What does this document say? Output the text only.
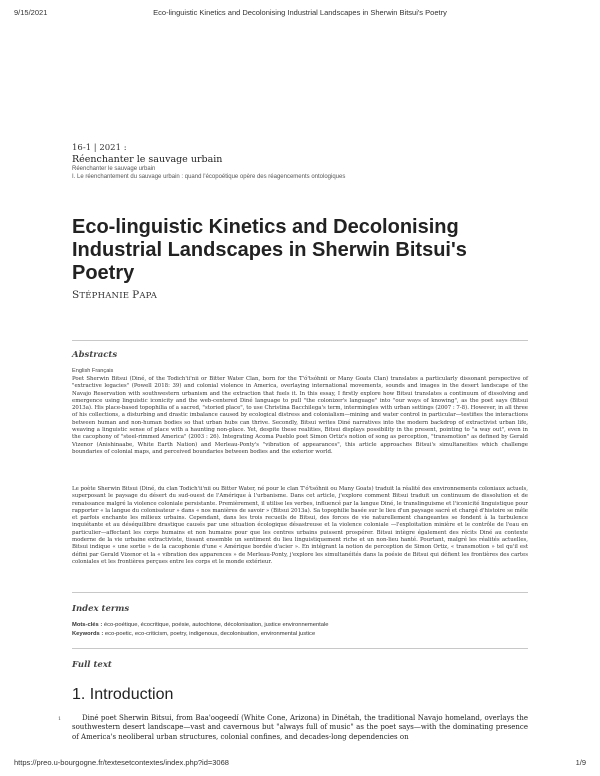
9/15/2021	Eco-linguistic Kinetics and Decolonising Industrial Landscapes in Sherwin Bitsui's Poetry
16-1 | 2021 :
Réenchanter le sauvage urbain
Réenchanter le sauvage urbain
I. Le réenchantement du sauvage urbain : quand l'écopoétique opère des réagencements ontologiques
Eco-linguistic Kinetics and Decolonising Industrial Landscapes in Sherwin Bitsui's Poetry
STÉPHANIE PAPA
Abstracts
English Français

Poet Sherwin Bitsui (Diné, of the Todich'ii'nii or Bitter Water Clan, born for the T'ó'tsóhnii or Many Goats Clan) translates a particularly dissonant perspective of "extractive legacies" (Powell 2018: 39) and colonial violence in America, overlaying international movements, sounds and images in the desert landscape of the Navajo Reservation with southwestern urbanism and the extraction that fuels it. In this essay, I firstly explore how Bitsui translates a continuum of dissolving and emergence using linguistic iconicity and the web-centered Diné language to pull "the colonizer's language" into "our ways of knowing", as the poet says (Bitsui 2013a). His place-based topophilia of a sacred, "storied place", to use Christina Bacchilega's term, intermingles with urban settings (2007 : 7-8). However, in all three of his collections, a disturbing and drastic imbalance caused by ecological distress and colonialism—mining and water control in particular—testifies the interactions between human and non-human bodies so that urban hubs can thrive. Secondly, Bitsui writes Diné narratives into the modern backdrop of extractivist urban life, weaving a linguistic sense of place with a haunting non-place. Yet, despite these realities, Bitsui displays possibility in the present, pointing to "a way out", even in the cacophony of "steel-rimmed America" (2003 : 26). Integrating Acoma Pueblo poet Simon Ortiz's notion of song as perception, "transmotion" as defined by Gerald Vizenor (Anishinaabe, White Earth Nation) and Merleau-Ponty's "vibration of appearances", this article approaches Bitsui's simultaneities which challenge boundaries of colonial maps, and perceived boundaries between bodies and the exterior world.

Le poète Sherwin Bitsui (Diné, du clan Todich'ii'nii ou Bitter Water, né pour le clan T'ó'tsóhnii ou Many Goats) traduit la réalité des environnements coloniaux actuels, superposant le paysage du désert du sud-ouest de l'Amérique à l'urbanisme. Dans cet article, j'explore comment Bitsui traduit un continuum de dissolution et de renaissance malgré la violence coloniale persistante. Premièrement, il utilise les verbes, influencé par la langue Diné, le translinguisme et l'iconicité linguistique pour rapporter « la langue du colonisateur » dans « nos manières de savoir » (Bitsui 2013a). Sa topophilie basée sur le lieu d'un paysage sacré et chargé d'histoire se mêle et parfois enchante les milieux urbains. Cependant, dans les trois recueils de Bitsui, des forces de vie naturellement changeantes se fondent à la turbulence inquiétante et au déséquilibre drastique causés par une situation écologique désastreuse et la violence coloniale —l'exploitation minière et le contrôle de l'eau en particulier—affectant les corps humains et non humains pour que les centres urbains puissent prospérer. Bitsui intègre également des récits Diné au contexte moderne de la vie urbaine extractiviste, tissant ensemble un sentiment du lieu linguistiquement riche et un non-lieu hanté. Pourtant, malgré les réalités actuelles, Bitsui indique « une sortie » de la cacophonie d'une « Amérique bordée d'acier ». En intégrant la notion de perception de Simon Ortiz, « transmotion » tel qu'il est défini par Gerald Vizenor et la « vibration des apparences » de Merleau-Ponty, j'explore les simultanéités dans la poésie de Bitsui qui défient les frontières des cartes coloniales et les frontières perçues entre les corps et le monde extérieur.

Index terms
Mots-clés : éco-poétique, écocritique, poésie, autochtone, décolonisation, justice environnementale
Keywords : eco-poetic, eco-criticism, poetry, indigenous, decolonisation, environmental justice
Full text
1. Introduction
1	Diné poet Sherwin Bitsui, from Baa'oogeedí (White Cone, Arizona) in Dinétah, the traditional Navajo homeland, overlays the southwestern desert landscape—vast and cavernous but "always full of music" as the poet says—with the dominating presence of America's neoliberal urban structures, colonial confines, and decades-long dependencies on

https://preo.u-bourgogne.fr/textesetcontextes/index.php?id=3068	1/9
